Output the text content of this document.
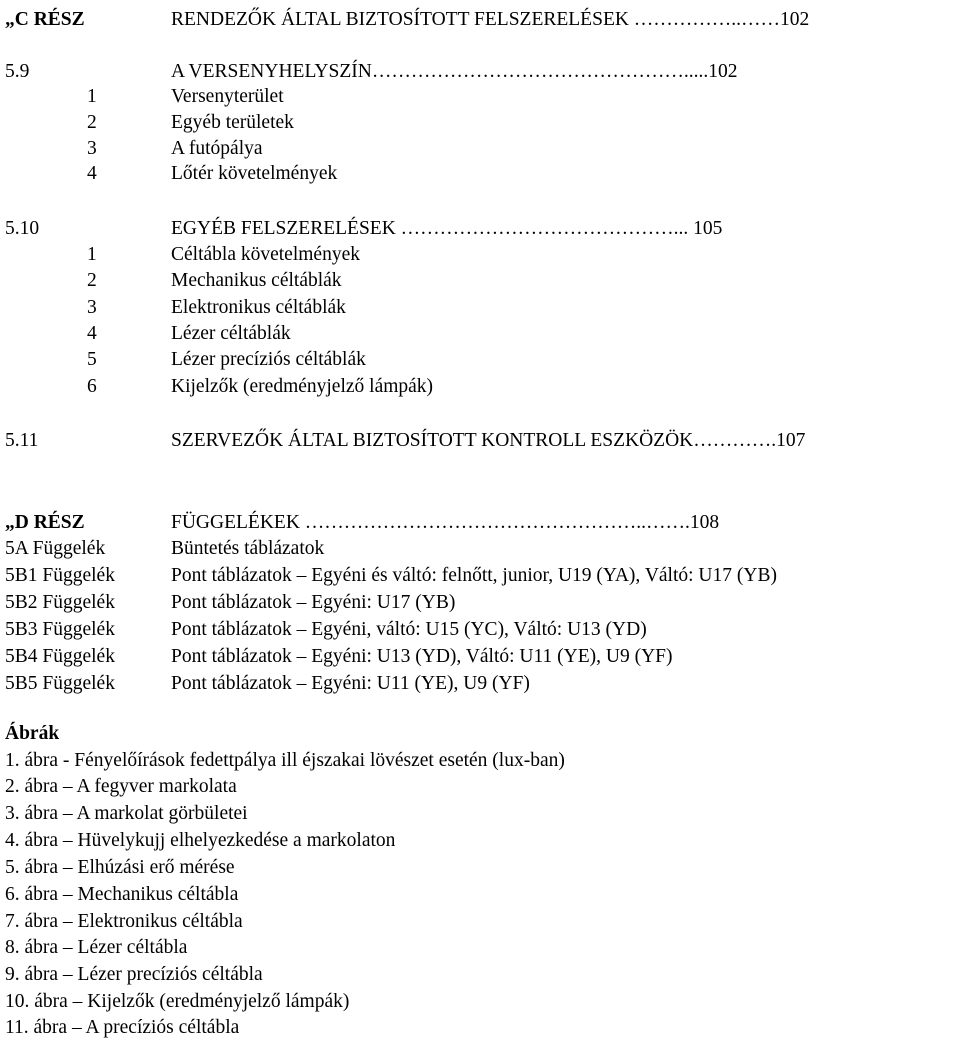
„C RÉSZ	RENDEZŐK ÁLTAL BIZTOSÍTOTT FELSZERELÉSEK ……………..……102
5.9	A VERSENYHELYSZÍN………………………………………….....102
1	Versenyterület
2	Egyéb területek
3	A futópálya
4	Lőtér követelmények
5.10	EGYÉB FELSZERELÉSEK ……………………………………... 105
1	Céltábla követelmények
2	Mechanikus céltáblák
3	Elektronikus céltáblák
4	Lézer céltáblák
5	Lézer precíziós céltáblák
6	Kijelzők (eredményjelző lámpák)
5.11	SZERVEZŐK ÁLTAL BIZTOSÍTOTT KONTROLL ESZKÖZÖK………….107
„D RÉSZ	FÜGGELÉKEK ……………………………………………..…….108
5A Függelék	Büntetés táblázatok
5B1 Függelék	Pont táblázatok – Egyéni és váltó: felnőtt, junior, U19 (YA), Váltó: U17 (YB)
5B2 Függelék	Pont táblázatok – Egyéni: U17 (YB)
5B3 Függelék	Pont táblázatok – Egyéni, váltó: U15 (YC), Váltó: U13 (YD)
5B4 Függelék	Pont táblázatok – Egyéni: U13 (YD), Váltó: U11 (YE), U9 (YF)
5B5 Függelék	Pont táblázatok – Egyéni: U11 (YE), U9 (YF)
Ábrák
1. ábra - Fényelőírások fedettpálya ill éjszakai lövészet esetén (lux-ban)
2. ábra – A fegyver markolata
3. ábra – A markolat görbületei
4. ábra – Hüvelykujj elhelyezkedése a markolaton
5. ábra – Elhúzási erő mérése
6. ábra – Mechanikus céltábla
7. ábra – Elektronikus céltábla
8. ábra – Lézer céltábla
9. ábra – Lézer precíziós céltábla
10. ábra – Kijelzők (eredményjelző lámpák)
11. ábra – A precíziós céltábla
